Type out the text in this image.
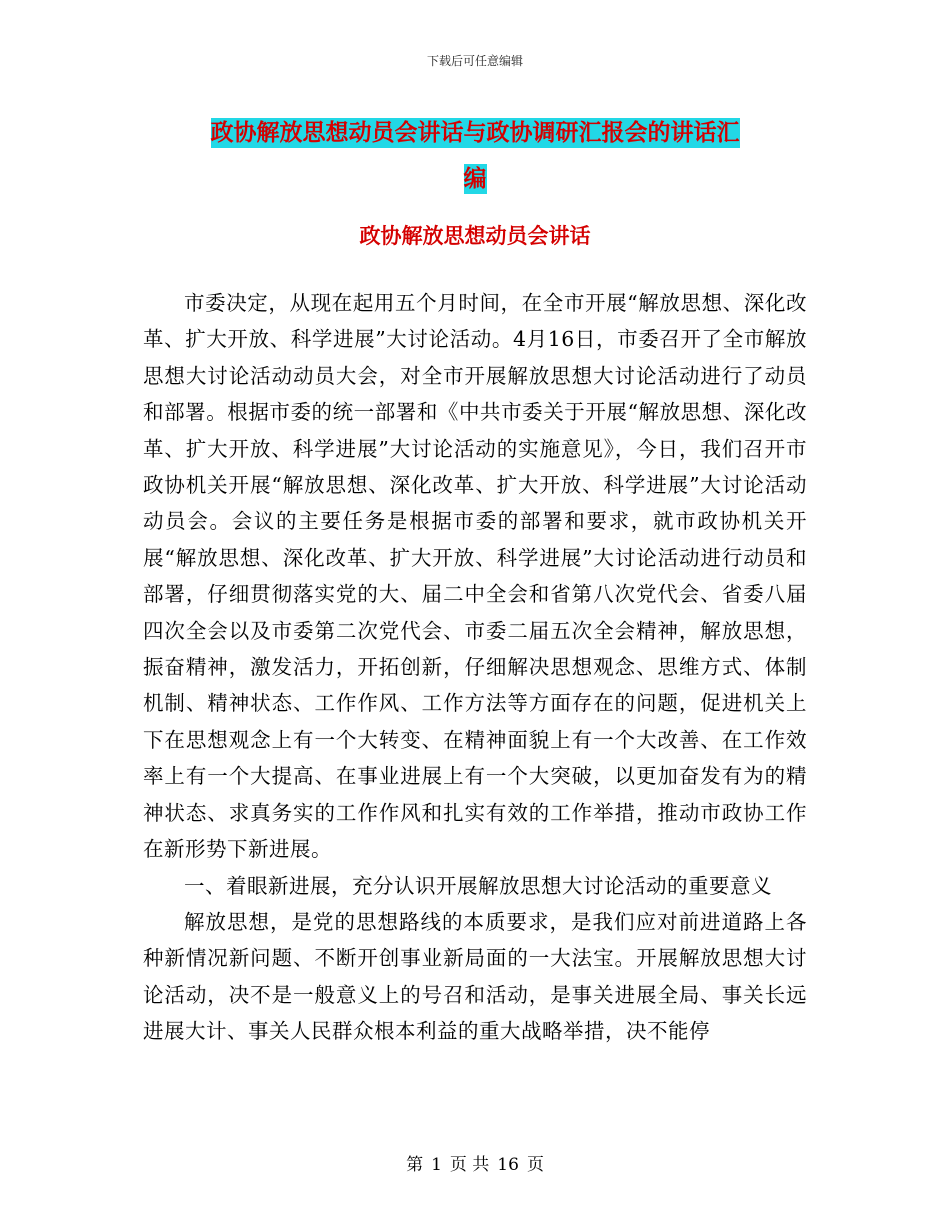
下载后可任意编辑
政协解放思想动员会讲话与政协调研汇报会的讲话汇
编
政协解放思想动员会讲话

市委决定，从现在起用五个月时间，在全市开展“解放思想、深化改革、扩大开放、科学进展”大讨论活动。4月16日，市委召开了全市解放思想大讨论活动动员大会，对全市开展解放思想大讨论活动进行了动员和部署。根据市委的统一部署和《中共市委关于开展“解放思想、深化改革、扩大开放、科学进展”大讨论活动的实施意见》，今日，我们召开市政协机关开展“解放思想、深化改革、扩大开放、科学进展”大讨论活动动员会。会议的主要任务是根据市委的部署和要求，就市政协机关开展“解放思想、深化改革、扩大开放、科学进展”大讨论活动进行动员和部署，仔细贯彻落实党的大、届二中全会和省第八次党代会、省委八届四次全会以及市委第二次党代会、市委二届五次全会精神，解放思想，振奋精神，激发活力，开拓创新，仔细解决思想观念、思维方式、体制机制、精神状态、工作作风、工作方法等方面存在的问题，促进机关上下在思想观念上有一个大转变、在精神面貌上有一个大改善、在工作效率上有一个大提高、在事业进展上有一个大突破，以更加奋发有为的精神状态、求真务实的工作作风和扎实有效的工作举措，推动市政协工作在新形势下新进展。

一、着眼新进展，充分认识开展解放思想大讨论活动的重要意义

解放思想，是党的思想路线的本质要求，是我们应对前进道路上各种新情况新问题、不断开创事业新局面的一大法宝。开展解放思想大讨论活动，决不是一般意义上的号召和活动，是事关进展全局、事关长远进展大计、事关人民群众根本利益的重大战略举措，决不能停

第 1 页 共 16 页
